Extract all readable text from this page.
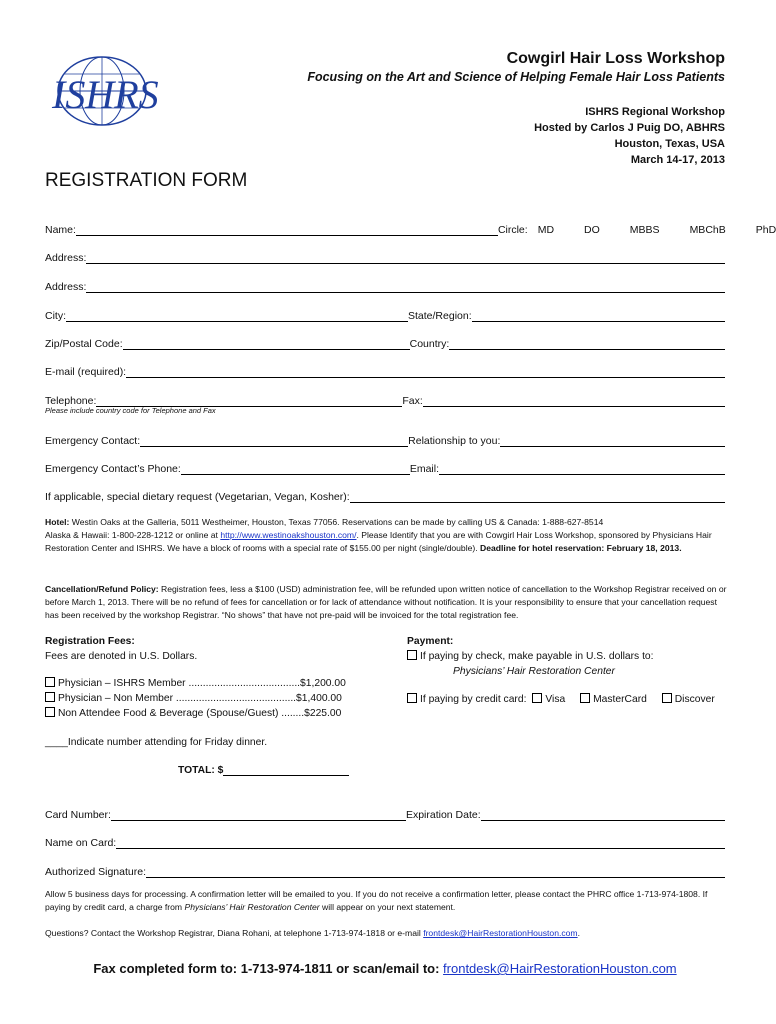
ISHRS
Cowgirl Hair Loss Workshop
Focusing on the Art and Science of Helping Female Hair Loss Patients
ISHRS Regional Workshop
Hosted by Carlos J Puig DO, ABHRS
Houston, Texas, USA
March 14-17, 2013
REGISTRATION FORM
Name:	Circle: MD	DO	MBBS	MBChB	PhD
Address:
Address:
City:	State/Region:
Zip/Postal Code:	Country:
E-mail (required):
Telephone:	Fax:
Please include country code for Telephone and Fax
Emergency Contact:	Relationship to you:
Emergency Contact’s Phone:	Email:
If applicable, special dietary request (Vegetarian, Vegan, Kosher):
Hotel: Westin Oaks at the Galleria, 5011 Westheimer, Houston, Texas 77056. Reservations can be made by calling US & Canada: 1-888-627-8514
Alaska & Hawaii: 1-800-228-1212 or online at http://www.westinoakshouston.com/. Please Identify that you are with Cowgirl Hair Loss Workshop, sponsored by Physicians Hair Restoration Center and ISHRS. We have a block of rooms with a special rate of $155.00 per night (single/double). Deadline for hotel reservation: February 18, 2013.
Cancellation/Refund Policy: Registration fees, less a $100 (USD) administration fee, will be refunded upon written notice of cancellation to the Workshop Registrar received on or before March 1, 2013. There will be no refund of fees for cancellation or for lack of attendance without notification. It is your responsibility to ensure that your cancellation request has been received by the workshop Registrar. “No shows” that have not pre-paid will be invoiced for the total registration fee.
Registration Fees:
Fees are denoted in U.S. Dollars.
Physician – ISHRS Member .......................................$1,200.00
Physician – Non Member ..........................................$1,400.00
Non Attendee Food & Beverage (Spouse/Guest) ........$225.00
Payment:
If paying by check, make payable in U.S. dollars to:
Physicians’ Hair Restoration Center
If paying by credit card: Visa	MasterCard	Discover
____Indicate number attending for Friday dinner.
TOTAL: $
Card Number:	Expiration Date:
Name on Card:
Authorized Signature:
Allow 5 business days for processing. A confirmation letter will be emailed to you. If you do not receive a confirmation letter, please contact the PHRC office 1-713-974-1808. If paying by credit card, a charge from Physicians’ Hair Restoration Center will appear on your next statement.
Questions? Contact the Workshop Registrar, Diana Rohani, at telephone 1-713-974-1818 or e-mail frontdesk@HairRestorationHouston.com.
Fax completed form to: 1-713-974-1811 or scan/email to: frontdesk@HairRestorationHouston.com
